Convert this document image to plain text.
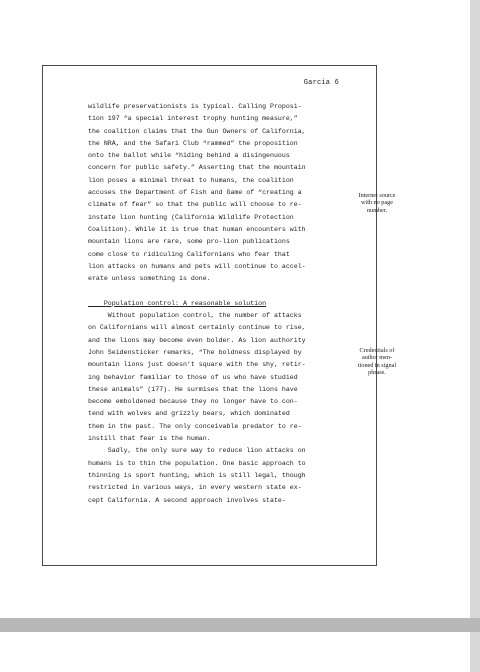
Garcia 6

wildlife preservationists is typical. Calling Proposi-
tion 197 “a special interest trophy hunting measure,”
the coalition claims that the Gun Owners of California,
the NRA, and the Safari Club “rammed” the proposition
onto the ballot while “hiding behind a disingenuous
concern for public safety.” Asserting that the mountain
lion poses a minimal threat to humans, the coalition
accuses the Department of Fish and Game of “creating a
climate of fear” so that the public will choose to re-
instate lion hunting (California Wildlife Protection
Coalition). While it is true that human encounters with
mountain lions are rare, some pro-lion publications
come close to ridiculing Californians who fear that
lion attacks on humans and pets will continue to accel-
erate unless something is done.
Population control: A reasonable solution
Without population control, the number of attacks
on Californians will almost certainly continue to rise,
and the lions may become even bolder. As lion authority
John Seidensticker remarks, “The boldness displayed by
mountain lions just doesn’t square with the shy, retir-
ing behavior familiar to those of us who have studied
these animals” (177). He surmises that the lions have
become emboldened because they no longer have to con-
tend with wolves and grizzly bears, which dominated
them in the past. The only conceivable predator to re-
instill that fear is the human.
Sadly, the only sure way to reduce lion attacks on
humans is to thin the population. One basic approach to
thinning is sport hunting, which is still legal, though
restricted in various ways, in every western state ex-
cept California. A second approach involves state-
Internet source
with no page
number.
Credentials of
author men-
tioned in signal
phrase.
